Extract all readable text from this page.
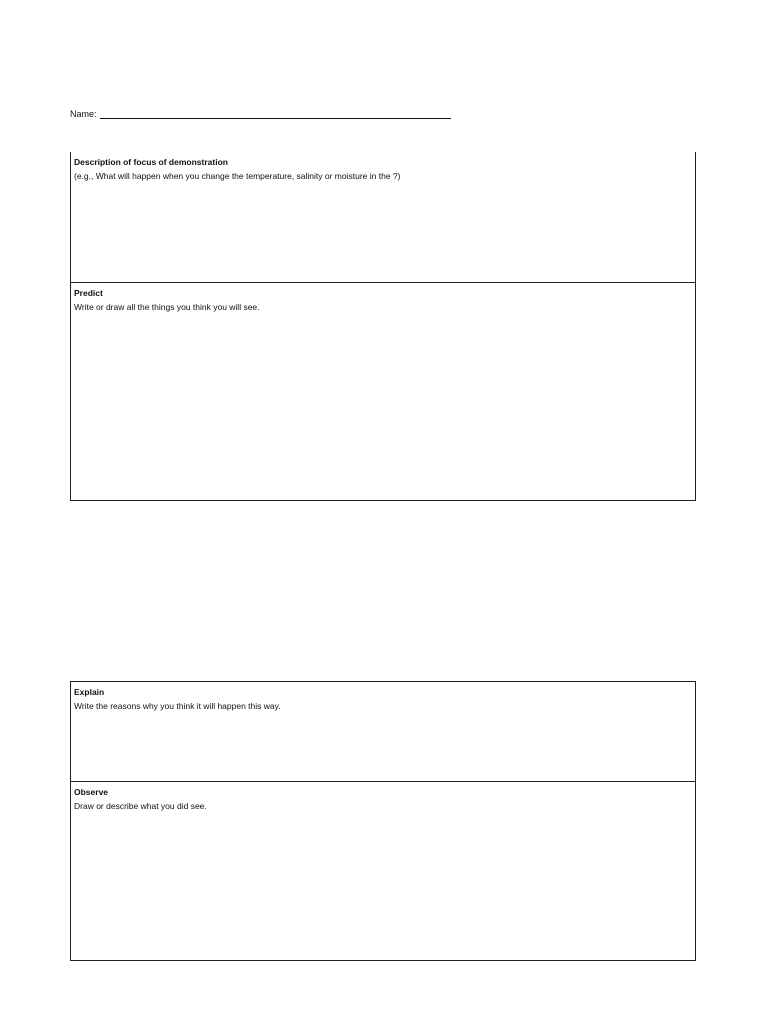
Name:
Description of focus of demonstration
(e.g., What will happen when you change the temperature, salinity or moisture in the ?)
Predict
Write or draw all the things you think you will see.
Explain
Write the reasons why you think it will happen this way.
Observe
Draw or describe what you did see.
